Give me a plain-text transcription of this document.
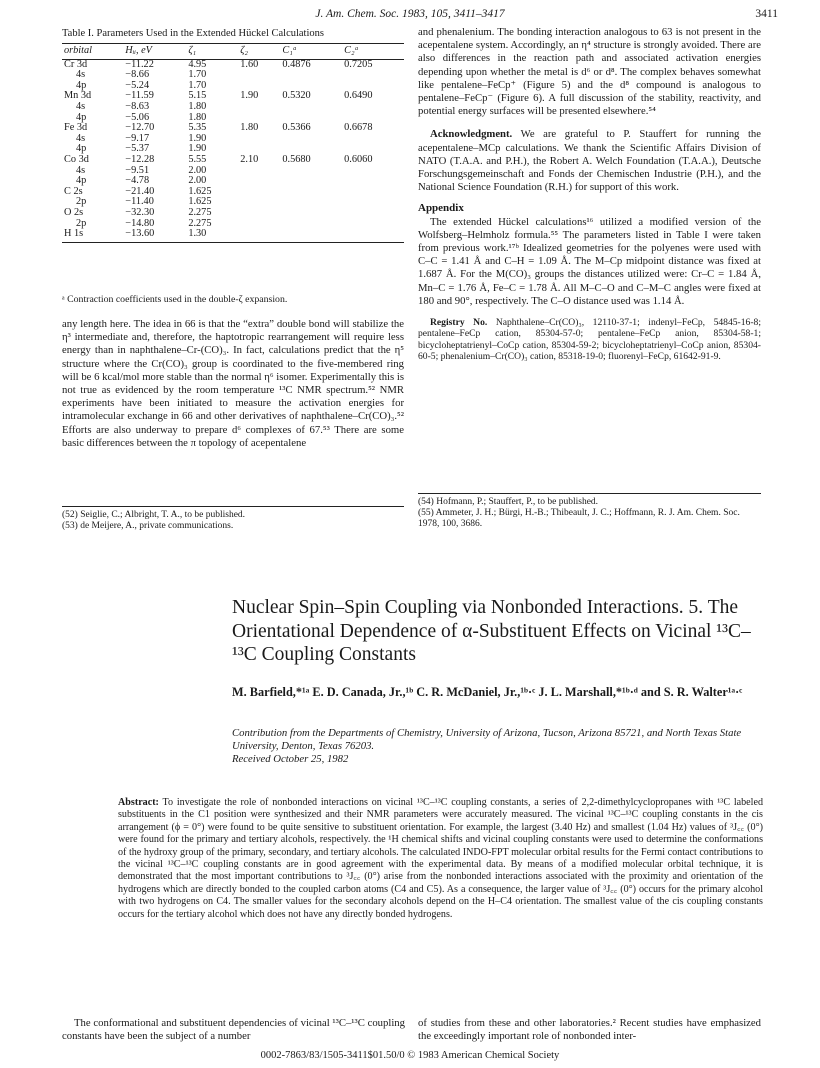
J. Am. Chem. Soc. 1983, 105, 3411–3417	3411
Table I. Parameters Used in the Extended Hückel Calculations
orbital	Hᵢᵢ, eV	ζ₁	ζ₂	C₁ᵃ	C₂ᵃ
Cr 3d	−11.22	4.95	1.60	0.4876	0.7205
4s	−8.66	1.70			
4p	−5.24	1.70			
Mn 3d	−11.59	5.15	1.90	0.5320	0.6490
4s	−8.63	1.80			
4p	−5.06	1.80			
Fe 3d	−12.70	5.35	1.80	0.5366	0.6678
4s	−9.17	1.90			
4p	−5.37	1.90			
Co 3d	−12.28	5.55	2.10	0.5680	0.6060
4s	−9.51	2.00			
4p	−4.78	2.00			
C 2s	−21.40	1.625			
2p	−11.40	1.625			
O 2s	−32.30	2.275			
2p	−14.80	2.275			
H 1s	−13.60	1.30			
ᵃ Contraction coefficients used in the double-ζ expansion.

any length here. The idea in 66 is that the “extra” double bond will stabilize the η³ intermediate and, therefore, the haptotropic rearrangement will require less energy than in naphthalene–Cr-(CO)₃. In fact, calculations predict that the η⁵ structure where the Cr(CO)₃ group is coordinated to the five-membered ring will be 6 kcal/mol more stable than the normal η⁶ isomer. Experimentally this is not true as evidenced by the room temperature ¹³C NMR spectrum.⁵² NMR experiments have been initiated to measure the activation energies for intramolecular exchange in 66 and other derivatives of naphthalene–Cr(CO)₃.⁵² Efforts are also underway to prepare d⁶ complexes of 67.⁵³ There are some basic differences between the π topology of acepentalene

(52) Seiglie, C.; Albright, T. A., to be published.
(53) de Meijere, A., private communications.

and phenalenium. The bonding interaction analogous to 63 is not present in the acepentalene system. Accordingly, an η⁴ structure is strongly avoided. There are also differences in the reaction path and associated activation energies depending upon whether the metal is d⁶ or d⁸. The complex behaves somewhat like pentalene–FeCp⁺ (Figure 5) and the d⁸ compound is analogous to pentalene–FeCp⁻ (Figure 6). A full discussion of the stability, reactivity, and potential energy surfaces will be presented elsewhere.⁵⁴

Acknowledgment. We are grateful to P. Stauffert for running the acepentalene–MCp calculations. We thank the Scientific Affairs Division of NATO (T.A.A. and P.H.), the Robert A. Welch Foundation (T.A.A.), Deutsche Forschungsgemeinschaft and Fonds der Chemischen Industrie (P.H.), and the National Science Foundation (R.H.) for support of this work.

Appendix

The extended Hückel calculations¹⁶ utilized a modified version of the Wolfsberg–Helmholz formula.⁵⁵ The parameters listed in Table I were taken from previous work.¹⁷ᵇ Idealized geometries for the polyenes were used with C–C = 1.41 Å and C–H = 1.09 Å. The M–Cp midpoint distance was fixed at 1.687 Å. For the M(CO)₃ groups the distances utilized were: Cr–C = 1.84 Å, Mn–C = 1.76 Å, Fe–C = 1.78 Å. All M–C–O and C–M–C angles were fixed at 180 and 90°, respectively. The C–O distance used was 1.14 Å.

Registry No. Naphthalene–Cr(CO)₃, 12110-37-1; indenyl–FeCp, 54845-16-8; pentalene–FeCp cation, 85304-57-0; pentalene–FeCp anion, 85304-58-1; bicycloheptatrienyl–CoCp cation, 85304-59-2; bicycloheptatrienyl–CoCp anion, 85304-60-5; phenalenium–Cr(CO)₃ cation, 85318-19-0; fluorenyl–FeCp, 61642-91-9.

(54) Hofmann, P.; Stauffert, P., to be published.
(55) Ammeter, J. H.; Bürgi, H.-B.; Thibeault, J. C.; Hoffmann, R. J. Am. Chem. Soc. 1978, 100, 3686.
Nuclear Spin–Spin Coupling via Nonbonded Interactions. 5. The Orientational Dependence of α-Substituent Effects on Vicinal ¹³C–¹³C Coupling Constants
M. Barfield,*¹ᵃ E. D. Canada, Jr.,¹ᵇ C. R. McDaniel, Jr.,¹ᵇ·ᶜ J. L. Marshall,*¹ᵇ·ᵈ and S. R. Walter¹ᵃ·ᶜ
Contribution from the Departments of Chemistry, University of Arizona, Tucson, Arizona 85721, and North Texas State University, Denton, Texas 76203.
Received October 25, 1982
Abstract: To investigate the role of nonbonded interactions on vicinal ¹³C–¹³C coupling constants, a series of 2,2-dimethylcyclopropanes with ¹³C labeled substituents in the C1 position were synthesized and their NMR parameters were accurately measured. The vicinal ¹³C–¹³C coupling constants in the cis arrangement (ϕ = 0°) were found to be quite sensitive to substituent orientation. For example, the largest (3.40 Hz) and smallest (1.04 Hz) values of ³J꜀꜀ (0°) were found for the primary and tertiary alcohols, respectively. the ¹H chemical shifts and vicinal coupling constants were used to determine the conformations of the hydroxy group of the primary, secondary, and tertiary alcohols. The calculated INDO-FPT molecular orbital results for the Fermi contact contributions to the vicinal ¹³C–¹³C coupling constants are in good agreement with the experimental data. By means of a modified molecular orbital technique, it is demonstrated that the most important contributions to ³J꜀꜀ (0°) arise from the nonbonded interactions associated with the proximity and orientation of the hydrogens which are directly bonded to the coupled carbon atoms (C4 and C5). As a consequence, the larger value of ³J꜀꜀ (0°) occurs for the primary alcohol with two hydrogens on C4. The smaller values for the secondary alcohols depend on the H–C4 orientation. The smallest value of the cis coupling constants occurs for the tertiary alcohol which does not have any directly bonded hydrogens.
The conformational and substituent dependencies of vicinal ¹³C–¹³C coupling constants have been the subject of a number
of studies from these and other laboratories.² Recent studies have emphasized the exceedingly important role of nonbonded inter-
0002-7863/83/1505-3411$01.50/0 © 1983 American Chemical Society
